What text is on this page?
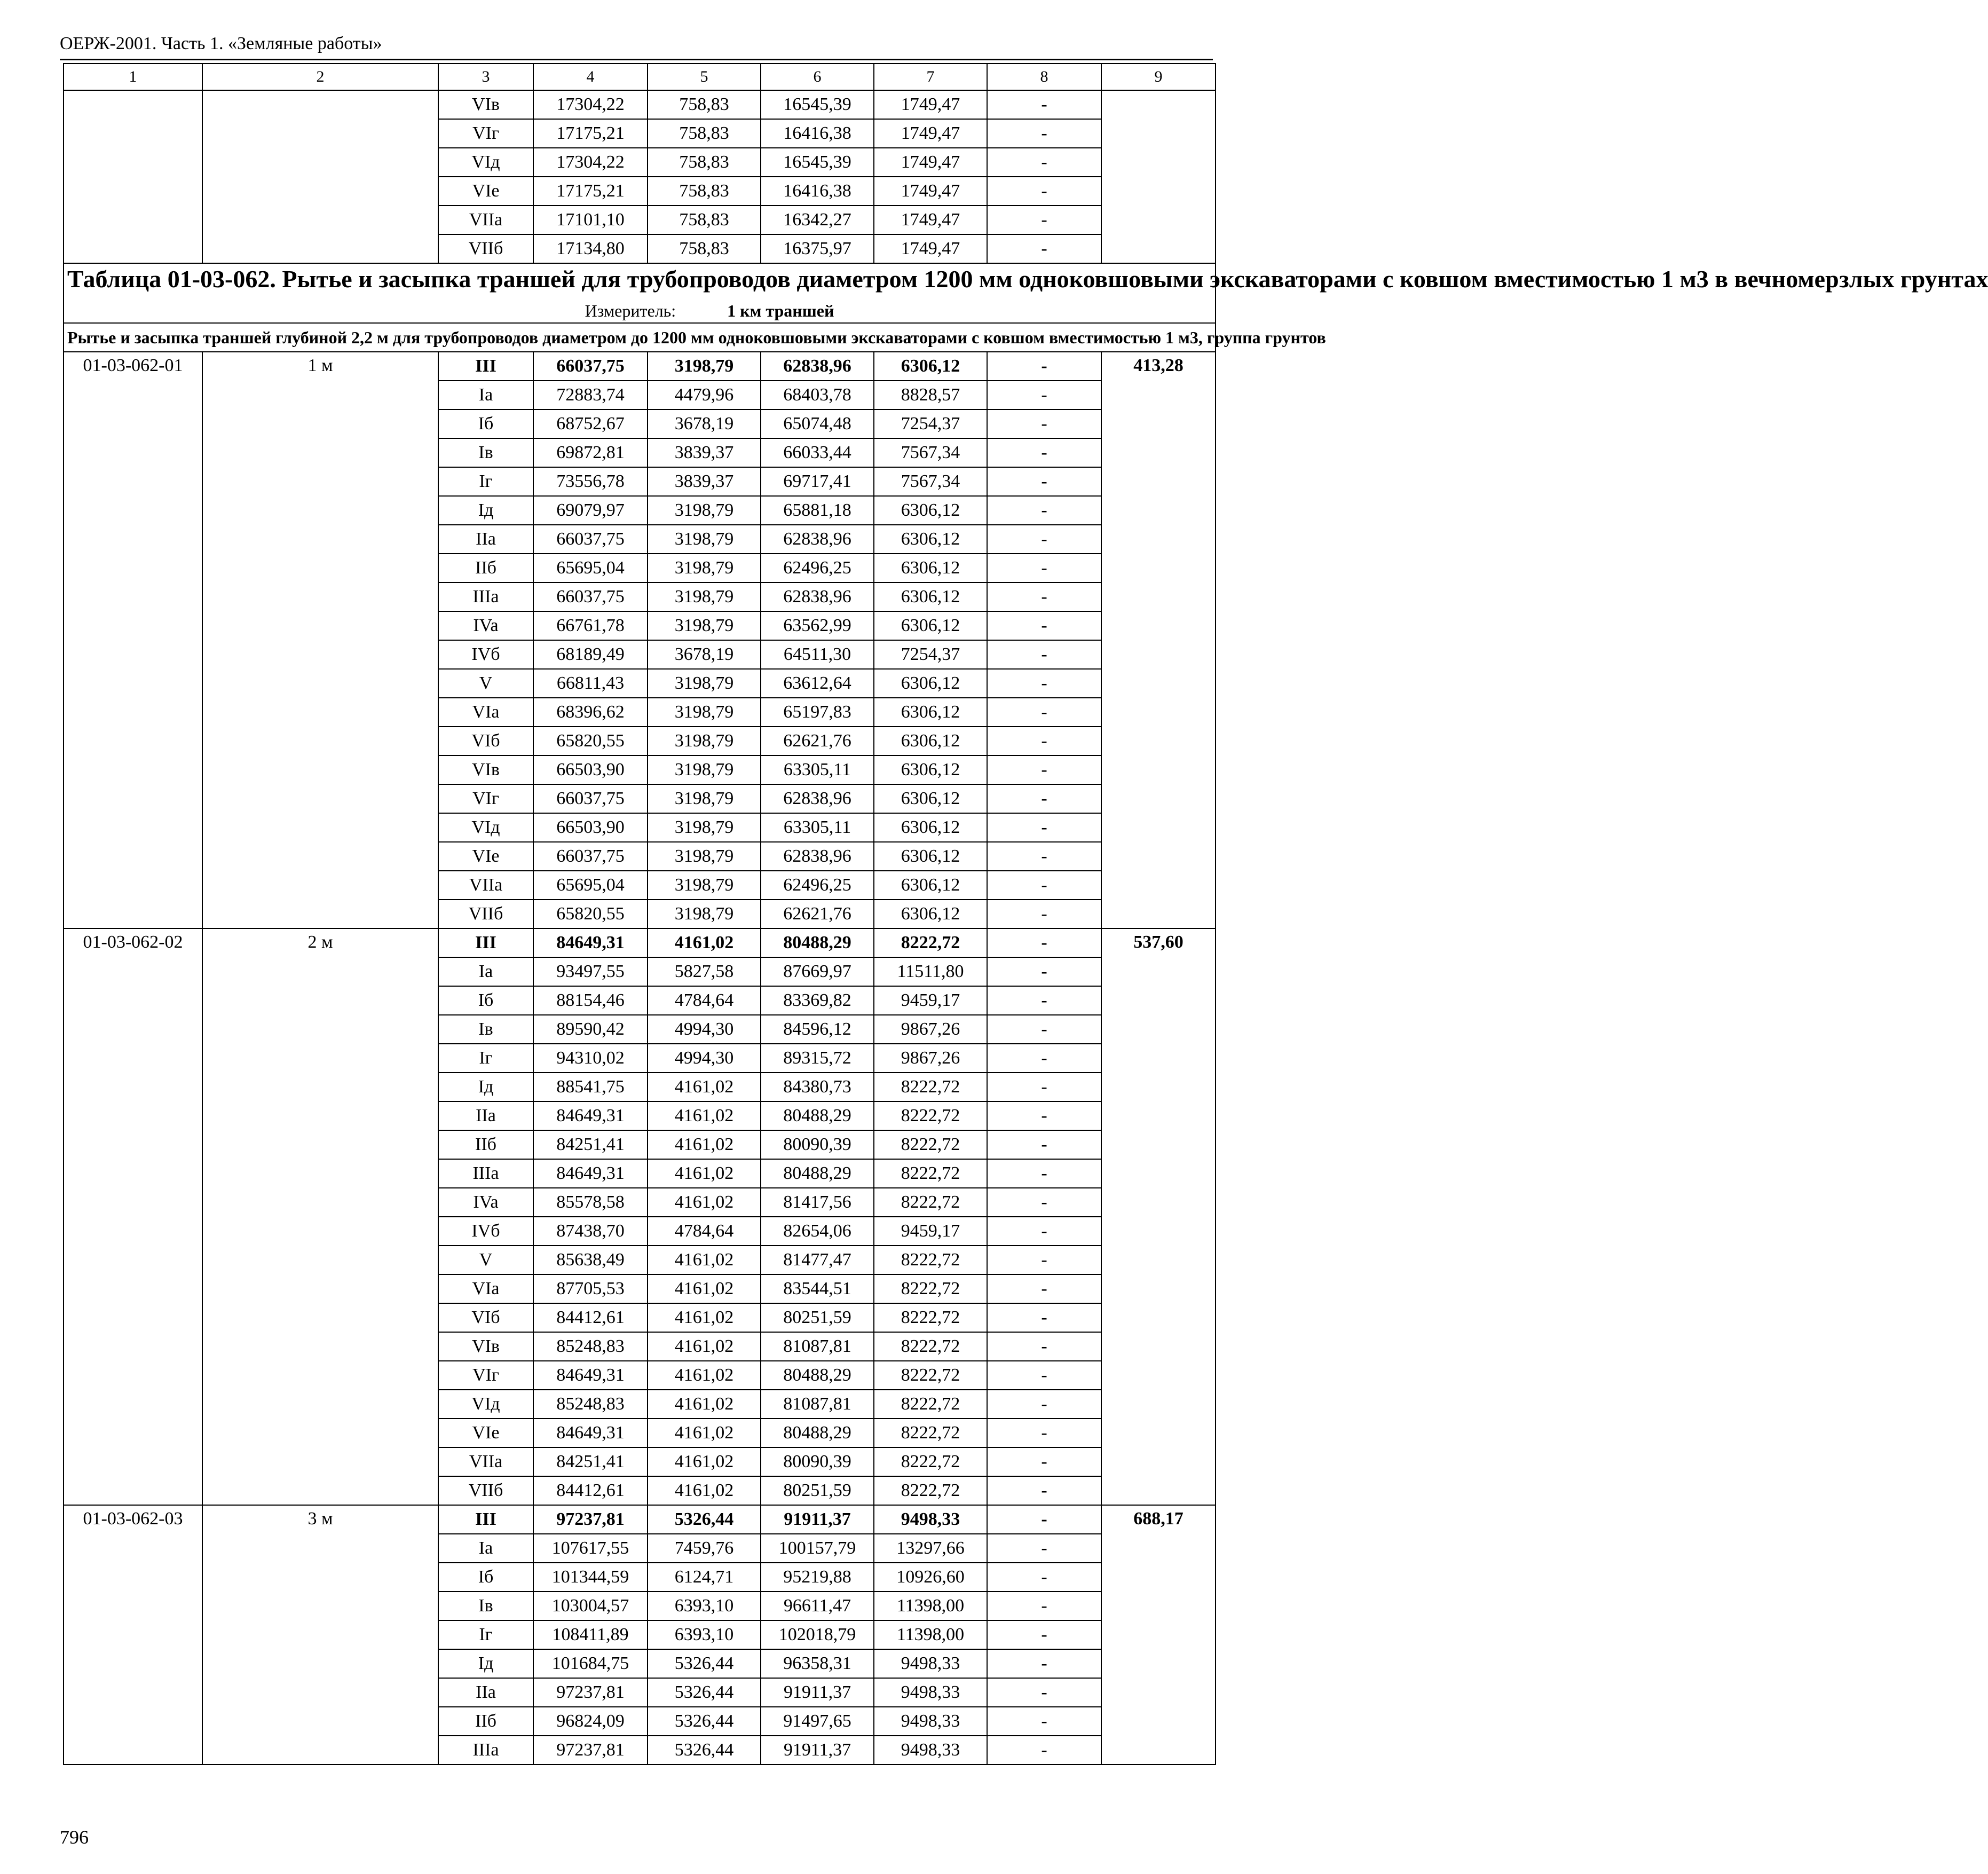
ОЕРЖ-2001. Часть 1. «Земляные работы»
1	2	3	4	5	6	7	8	9
		VIв	17304,22	758,83	16545,39	1749,47	-	
		VIг	17175,21	758,83	16416,38	1749,47	-	
		VIд	17304,22	758,83	16545,39	1749,47	-	
		VIe	17175,21	758,83	16416,38	1749,47	-	
		VIIa	17101,10	758,83	16342,27	1749,47	-	
		VIIб	17134,80	758,83	16375,97	1749,47	-	

Таблица 01-03-062. Рытье и засыпка траншей для трубопроводов диаметром 1200 мм одноковшовыми экскаваторами с ковшом вместимостью 1 м3 в вечномерзлых грунтах
Измеритель: 1 км траншей								

Рытье и засыпка траншей глубиной 2,2 м для трубопроводов диаметром до 1200 мм одноковшовыми экскаваторами с ковшом вместимостью 1 м3, группа грунтов								
01-03-062-01	1 м	III	66037,75	3198,79	62838,96	6306,12	-	413,28
		Ia	72883,74	4479,96	68403,78	8828,57	-	
		Iб	68752,67	3678,19	65074,48	7254,37	-	
		Iв	69872,81	3839,37	66033,44	7567,34	-	
		Iг	73556,78	3839,37	69717,41	7567,34	-	
		Iд	69079,97	3198,79	65881,18	6306,12	-	
		IIa	66037,75	3198,79	62838,96	6306,12	-	
		IIб	65695,04	3198,79	62496,25	6306,12	-	
		IIIa	66037,75	3198,79	62838,96	6306,12	-	
		IVa	66761,78	3198,79	63562,99	6306,12	-	
		IVб	68189,49	3678,19	64511,30	7254,37	-	
		V	66811,43	3198,79	63612,64	6306,12	-	
		VIa	68396,62	3198,79	65197,83	6306,12	-	
		VIб	65820,55	3198,79	62621,76	6306,12	-	
		VIв	66503,90	3198,79	63305,11	6306,12	-	
		VIг	66037,75	3198,79	62838,96	6306,12	-	
		VIд	66503,90	3198,79	63305,11	6306,12	-	
		VIe	66037,75	3198,79	62838,96	6306,12	-	
		VIIa	65695,04	3198,79	62496,25	6306,12	-	
		VIIб	65820,55	3198,79	62621,76	6306,12	-	
01-03-062-02	2 м	III	84649,31	4161,02	80488,29	8222,72	-	537,60
		Ia	93497,55	5827,58	87669,97	11511,80	-	
		Iб	88154,46	4784,64	83369,82	9459,17	-	
		Iв	89590,42	4994,30	84596,12	9867,26	-	
		Iг	94310,02	4994,30	89315,72	9867,26	-	
		Iд	88541,75	4161,02	84380,73	8222,72	-	
		IIa	84649,31	4161,02	80488,29	8222,72	-	
		IIб	84251,41	4161,02	80090,39	8222,72	-	
		IIIa	84649,31	4161,02	80488,29	8222,72	-	
		IVa	85578,58	4161,02	81417,56	8222,72	-	
		IVб	87438,70	4784,64	82654,06	9459,17	-	
		V	85638,49	4161,02	81477,47	8222,72	-	
		VIa	87705,53	4161,02	83544,51	8222,72	-	
		VIб	84412,61	4161,02	80251,59	8222,72	-	
		VIв	85248,83	4161,02	81087,81	8222,72	-	
		VIг	84649,31	4161,02	80488,29	8222,72	-	
		VIд	85248,83	4161,02	81087,81	8222,72	-	
		VIe	84649,31	4161,02	80488,29	8222,72	-	
		VIIa	84251,41	4161,02	80090,39	8222,72	-	
		VIIб	84412,61	4161,02	80251,59	8222,72	-	
01-03-062-03	3 м	III	97237,81	5326,44	91911,37	9498,33	-	688,17
		Ia	107617,55	7459,76	100157,79	13297,66	-	
		Iб	101344,59	6124,71	95219,88	10926,60	-	
		Iв	103004,57	6393,10	96611,47	11398,00	-	
		Iг	108411,89	6393,10	102018,79	11398,00	-	
		Iд	101684,75	5326,44	96358,31	9498,33	-	
		IIa	97237,81	5326,44	91911,37	9498,33	-	
		IIб	96824,09	5326,44	91497,65	9498,33	-	
		IIIa	97237,81	5326,44	91911,37	9498,33	-	
796
